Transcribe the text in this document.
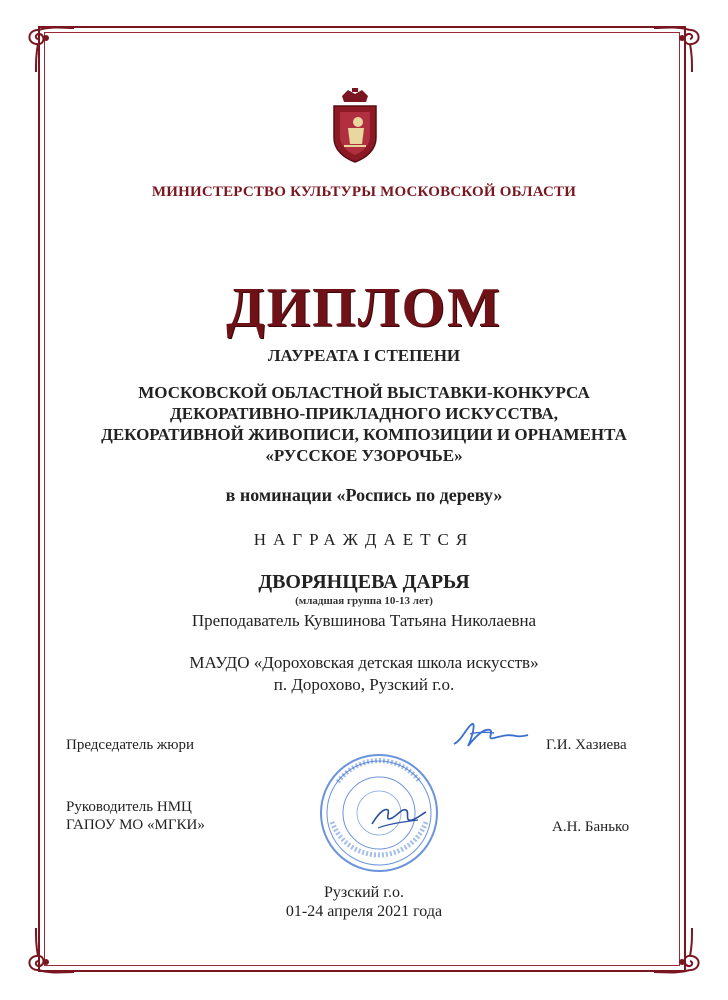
МИНИСТЕРСТВО КУЛЬТУРЫ МОСКОВСКОЙ ОБЛАСТИ
ДИПЛОМ
ЛАУРЕАТА I СТЕПЕНИ
МОСКОВСКОЙ ОБЛАСТНОЙ ВЫСТАВКИ-КОНКУРСА
ДЕКОРАТИВНО-ПРИКЛАДНОГО ИСКУССТВА,
ДЕКОРАТИВНОЙ ЖИВОПИСИ, КОМПОЗИЦИИ И ОРНАМЕНТА
«РУССКОЕ УЗОРОЧЬЕ»
в номинации «Роспись по дереву»
НАГРАЖДАЕТСЯ
ДВОРЯНЦЕВА ДАРЬЯ
(младшая группа 10-13 лет)
Преподаватель Кувшинова Татьяна Николаевна
МАУДО «Дороховская детская школа искусств»
п. Дорохово, Рузский г.о.
Председатель жюри	Г.И. Хазиева
Руководитель НМЦ
ГАПОУ МО «МГКИ»	А.Н. Банько
Рузский г.о.
01-24 апреля 2021 года
